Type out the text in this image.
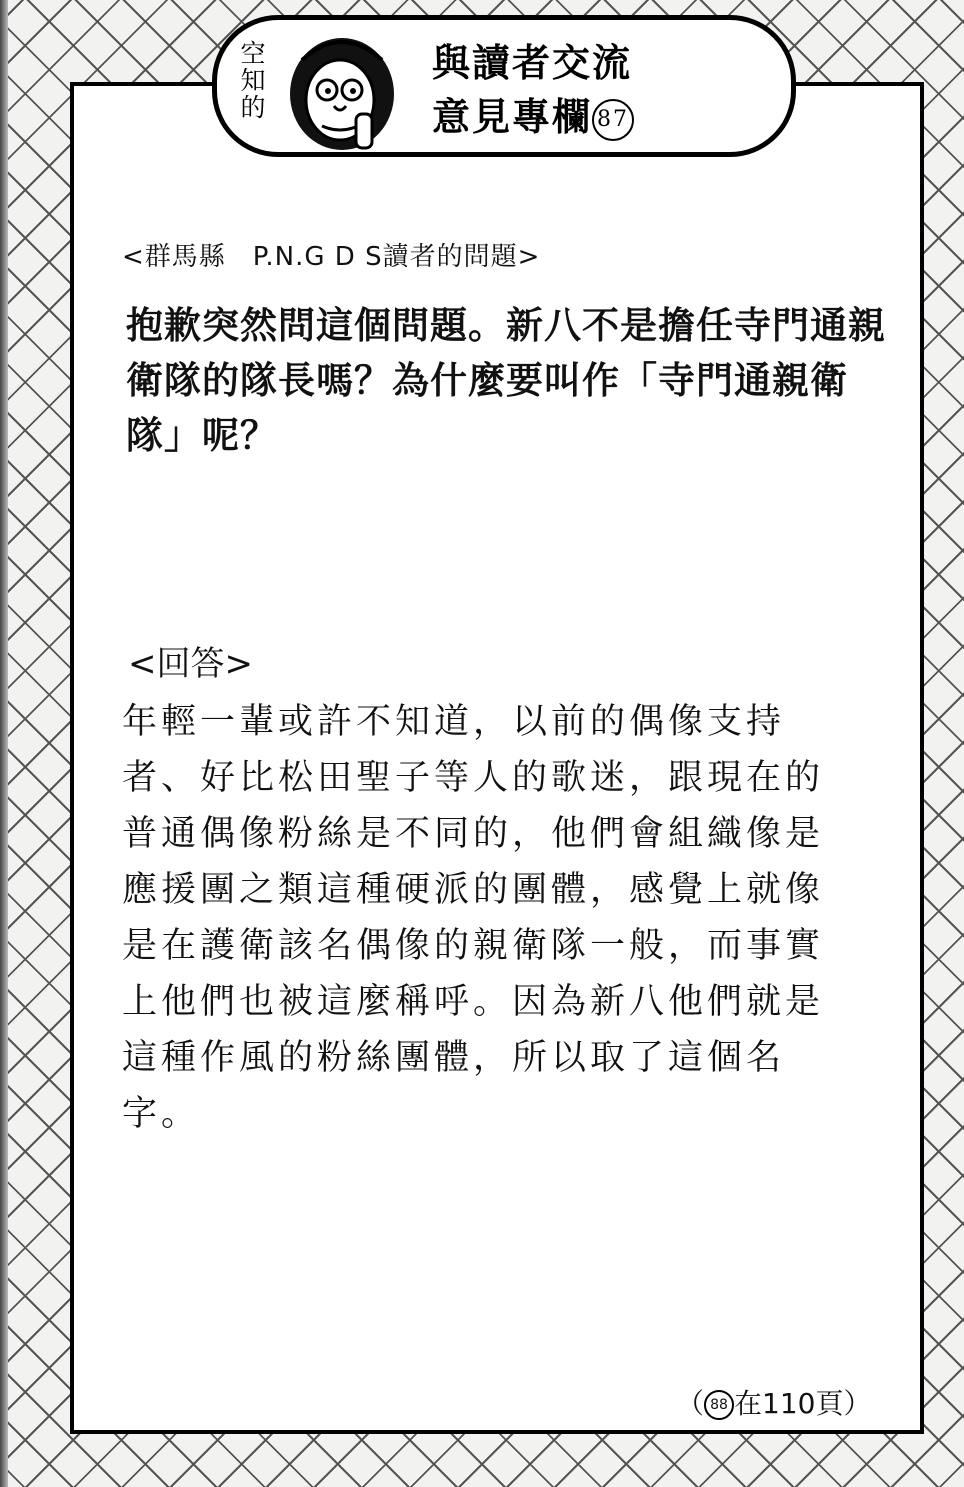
空知的	與讀者交流
意見專欄 87
<群馬縣　P.N.G D S讀者的問題>
抱歉突然問這個問題。新八不是擔任寺門通親衛隊的隊長嗎？為什麼要叫作「寺門通親衛隊」呢？
<回答>
年輕一輩或許不知道，以前的偶像支持者、好比松田聖子等人的歌迷，跟現在的普通偶像粉絲是不同的，他們會組織像是應援團之類這種硬派的團體，感覺上就像是在護衛該名偶像的親衛隊一般，而事實上他們也被這麼稱呼。因為新八他們就是這種作風的粉絲團體，所以取了這個名字。
（ 88 在110頁）
